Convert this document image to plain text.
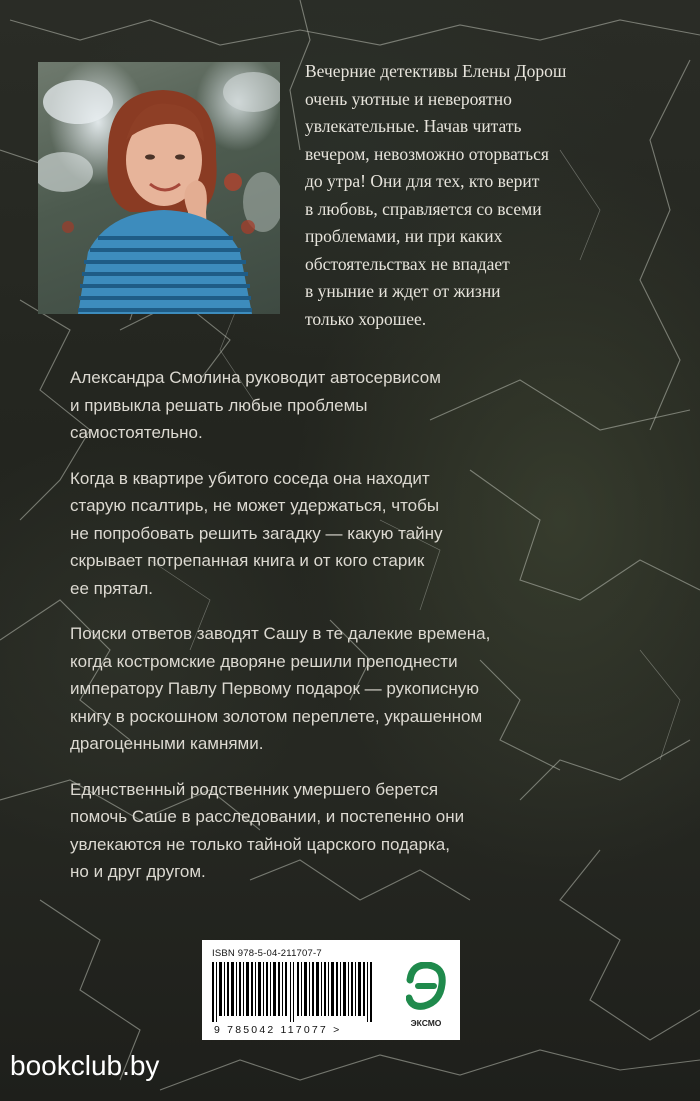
Вечерние детективы Елены Дорош
очень уютные и невероятно
увлекательные. Начав читать
вечером, невозможно оторваться
до утра! Они для тех, кто верит
в любовь, справляется со всеми
проблемами, ни при каких
обстоятельствах не впадает
в уныние и ждет от жизни
только хорошее.

Александра Смолина руководит автосервисом
и привыкла решать любые проблемы
самостоятельно.

Когда в квартире убитого соседа она находит
старую псалтирь, не может удержаться, чтобы
не попробовать решить загадку — какую тайну
скрывает потрепанная книга и от кого старик
ее прятал.

Поиски ответов заводят Сашу в те далекие времена,
когда костромские дворяне решили преподнести
императору Павлу Первому подарок — рукописную
книгу в роскошном золотом переплете, украшенном
драгоценными камнями.

Единственный родственник умершего берется
помочь Саше в расследовании, и постепенно они
увлекаются не только тайной царского подарка,
но и друг другом.

ISBN 978-5-04-211707-7
9 785042 117077 >
ЭКСМО
bookclub.by
